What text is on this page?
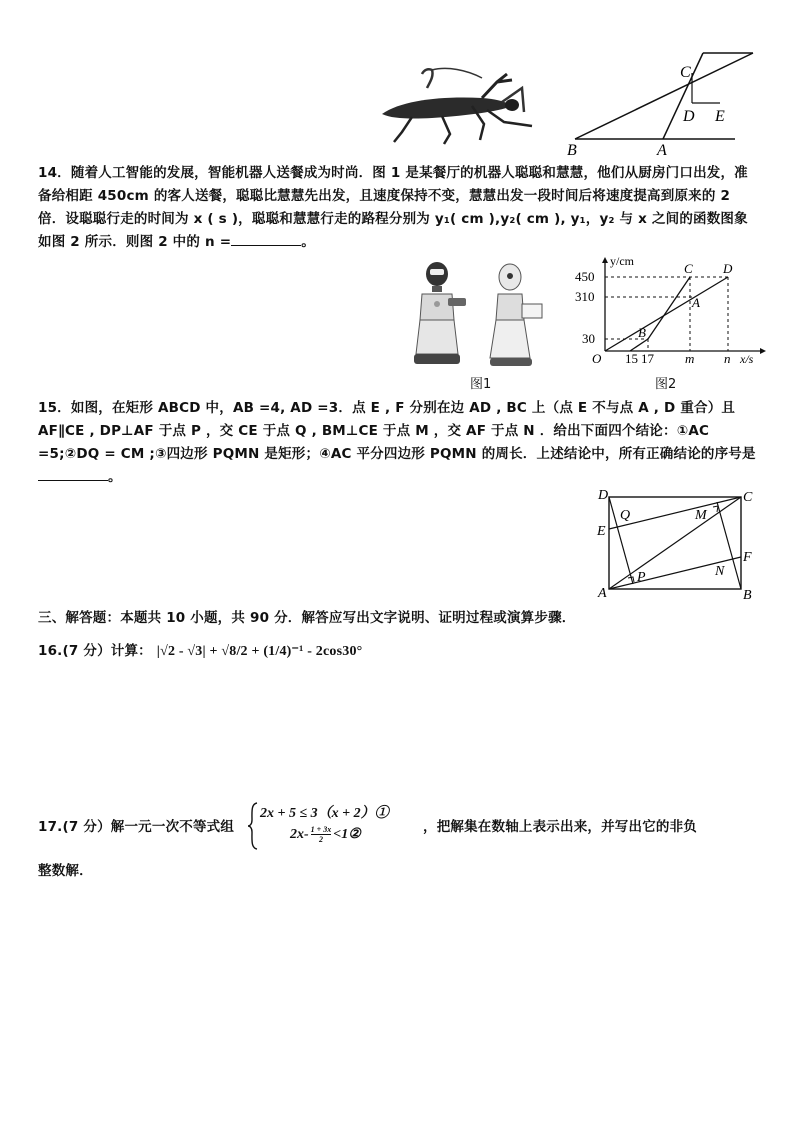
C
D E
B	A
14．随着人工智能的发展，智能机器人送餐成为时尚．图 1 是某餐厅的机器人聪聪和慧慧，他们从厨房门口出发，准备给相距 450cm 的客人送餐，聪聪比慧慧先出发，且速度保持不变，慧慧出发一段时间后将速度提高到原来的 2 倍．设聪聪行走的时间为 x ( s )，聪聪和慧慧行走的路程分别为 y₁( cm ),y₂( cm ), y₁，y₂ 与 x 之间的函数图象如图 2 所示．则图 2 中的 n =	。
图1
y/cm
450
310
30
O 15 17 m n x/s
A
B
C D
图2
15．如图，在矩形 ABCD 中，AB =4, AD =3．点 E , F 分别在边 AD , BC 上（点 E 不与点 A , D 重合）且 AF∥CE , DP⊥AF 于点 P ，交 CE 于点 Q , BM⊥CE 于点 M ，交 AF 于点 N ．给出下面四个结论：①AC =5;②DQ = CM ;③四边形 PQMN 是矩形；④AC 平分四边形 PQMN 的周长．上述结论中，所有正确结论的序号是。
D	C
E
Q	M
F
A
P	N
B
三、解答题：本题共 10 小题，共 90 分．解答应写出文字说明、证明过程或演算步骤．
16.(7 分）计算： |√2 - √3| + √8/2 + (1/4)⁻¹ - 2cos30°
17.(7 分）解一元一次不等式组
2x + 5 ≤ 3（x + 2）①
$2x- \frac{1 + 3x}{2}$ <1②	，把解集在数轴上表示出来，并写出它的非负
整数解．
